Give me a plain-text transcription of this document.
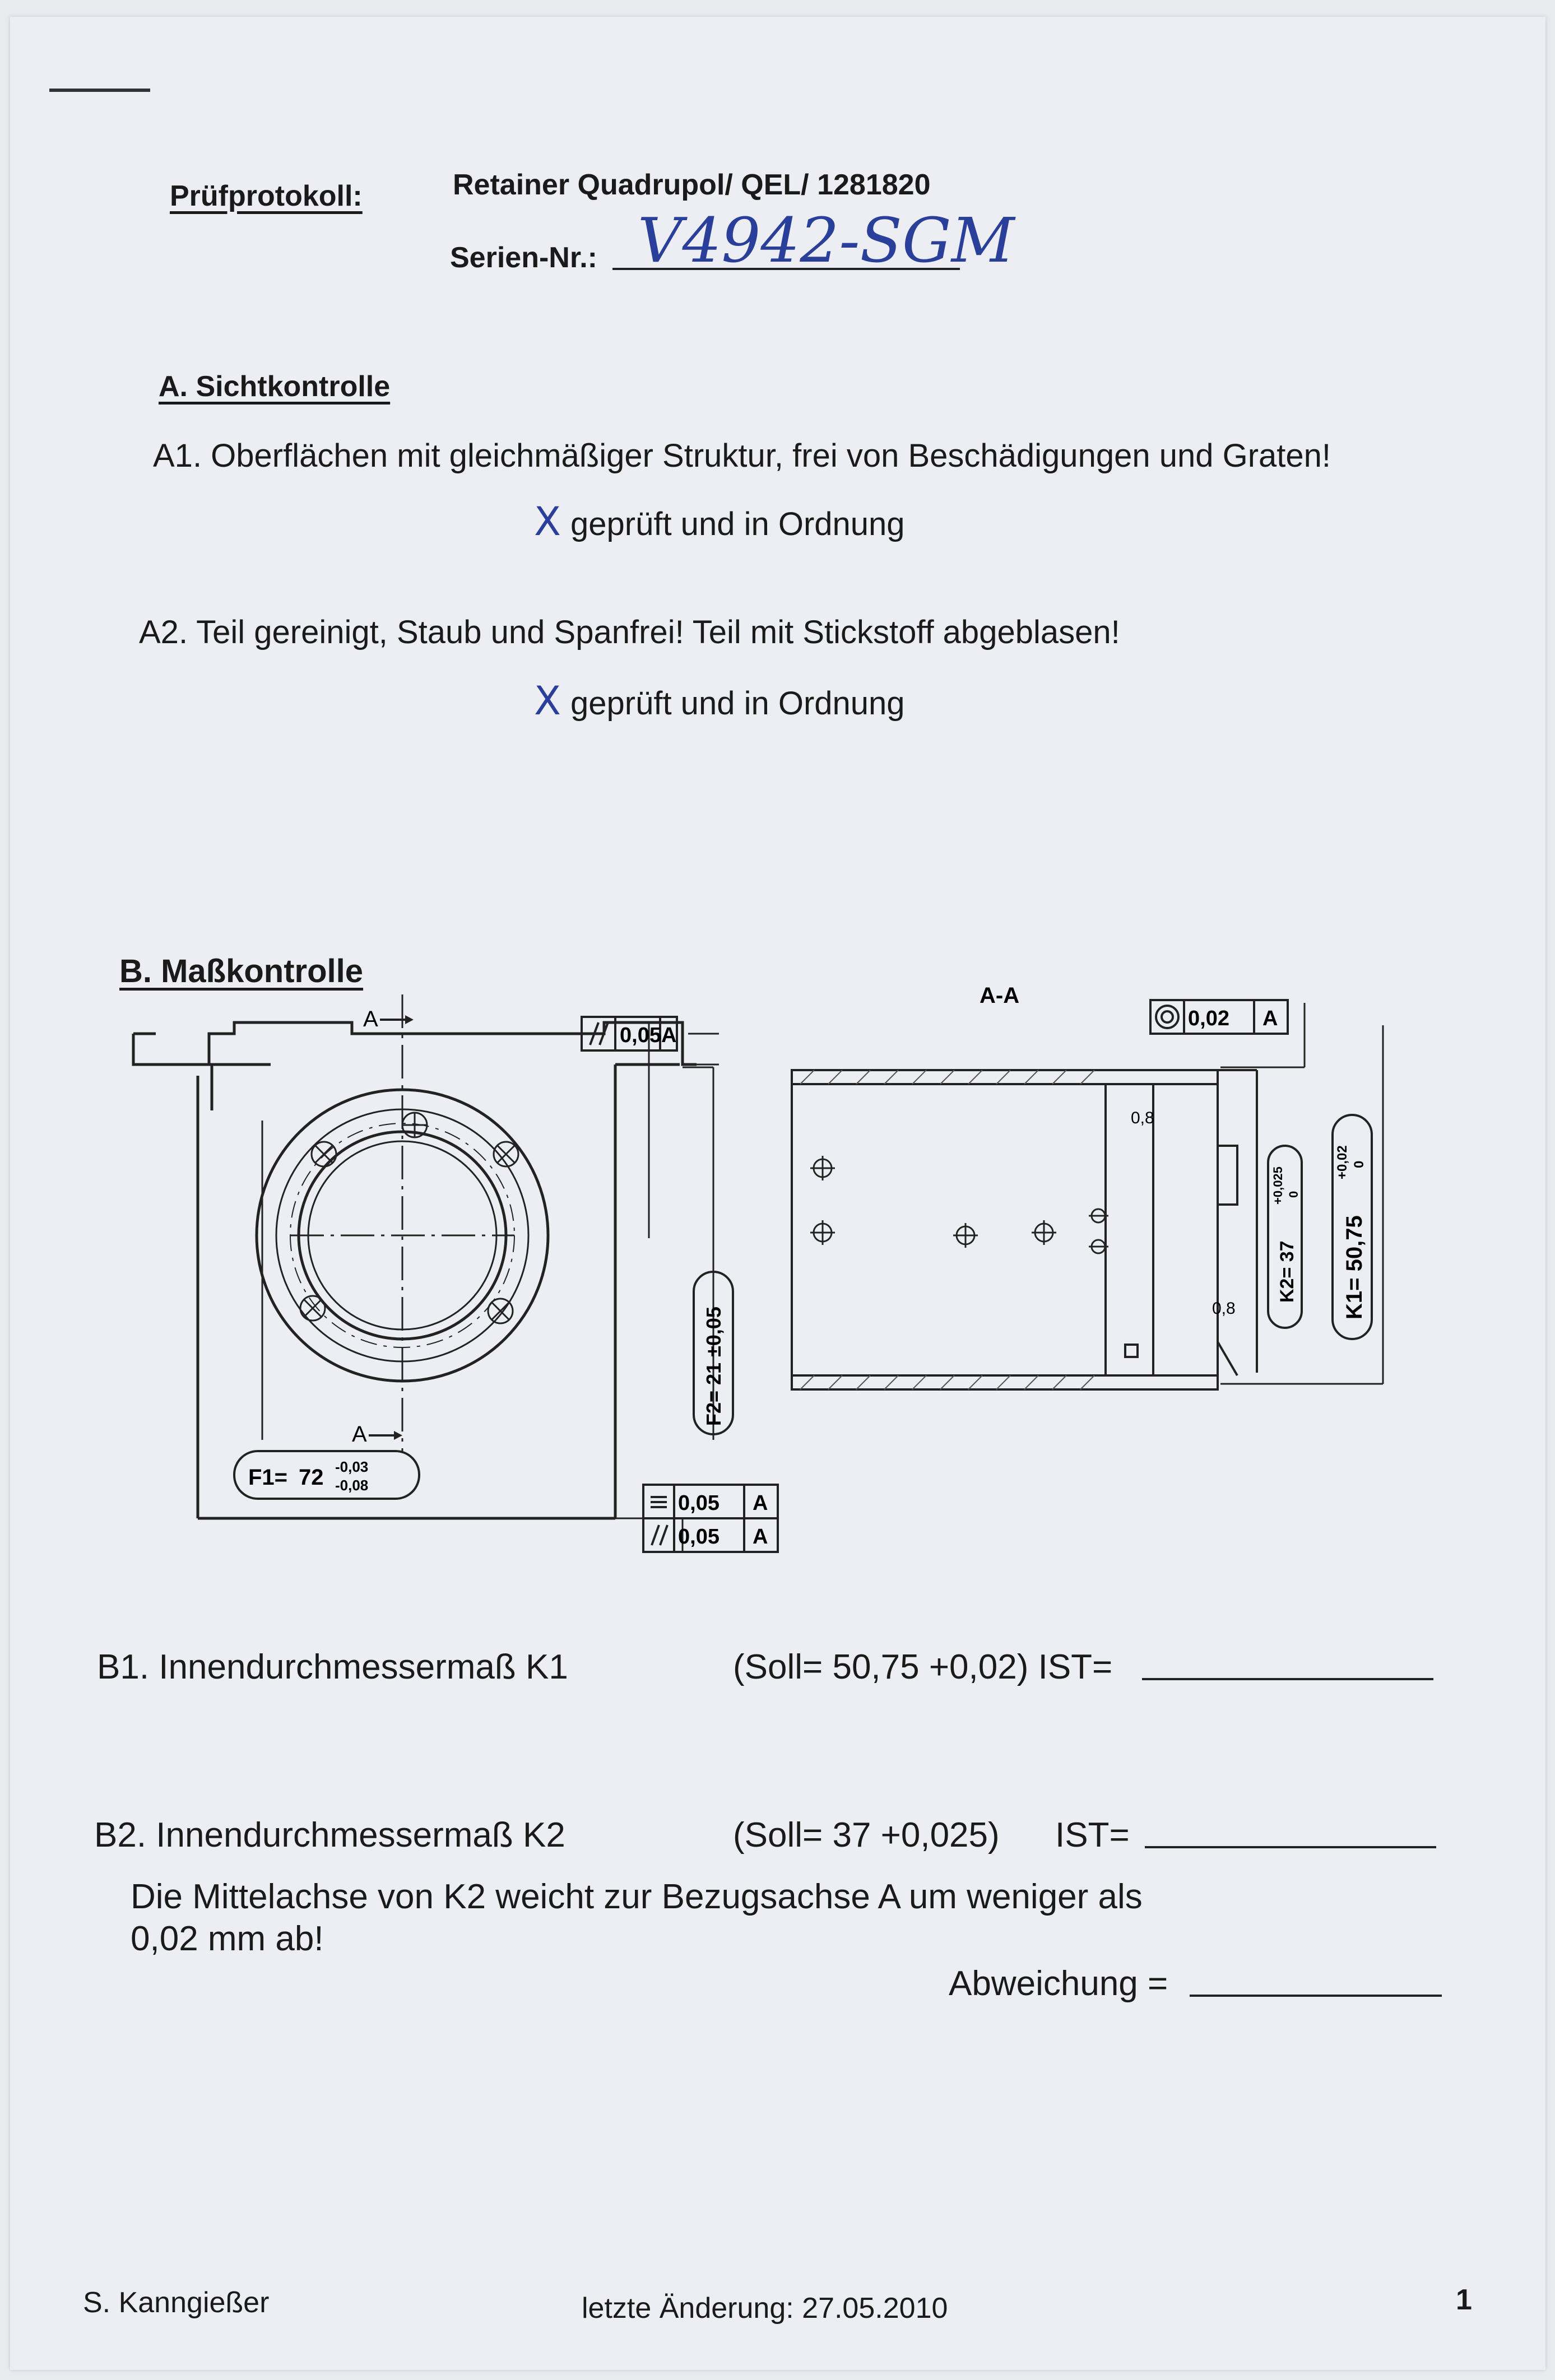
Prüfprotokoll:	Retainer Quadrupol/ QEL/ 1281820
Serien-Nr.: V4942-SGM
A. Sichtkontrolle
A1. Oberflächen mit gleichmäßiger Struktur, frei von Beschädigungen und Graten!
X geprüft und in Ordnung
A2. Teil gereinigt, Staub und Spanfrei! Teil mit Stickstoff abgeblasen!
X geprüft und in Ordnung
B. Maßkontrolle
A
A
F1= 72 -0,03
-0,08
F2= 21 ±0,05
0,05 A
0,05 A
0,05 A
A-A
0,8
0,8
0,02 A
K2= 37
+0,025 0
K1= 50,75
+0,02 0
B1. Innendurchmessermaß K1	(Soll= 50,75 +0,02) IST=
B2. Innendurchmessermaß K2	(Soll= 37 +0,025) IST=
Die Mittelachse von K2 weicht zur Bezugsachse A um weniger als
0,02 mm ab!
Abweichung =
S. Kanngießer	letzte Änderung: 27.05.2010	1
